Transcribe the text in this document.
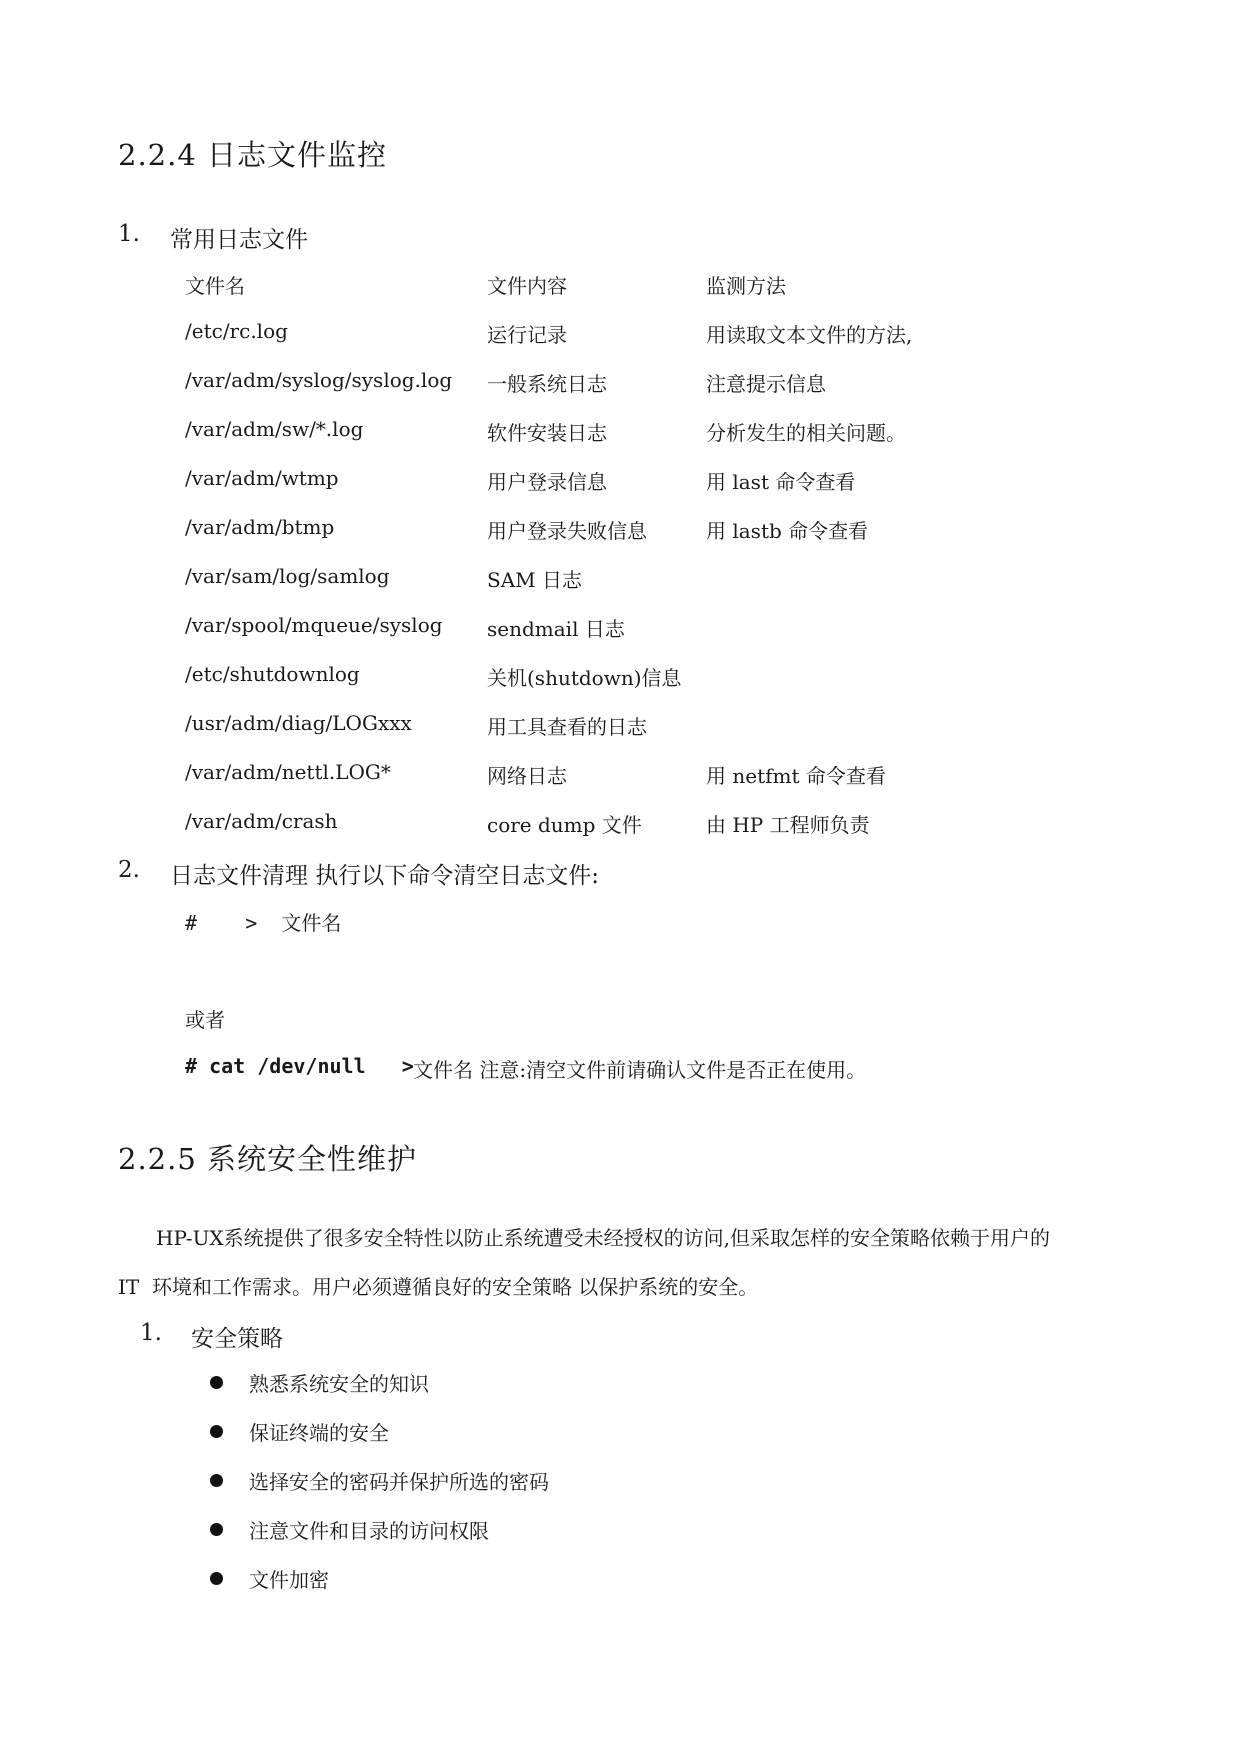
2.2.4 日志文件监控
1. 常用日志文件
文件名	文件内容	监测方法
/etc/rc.log	运行记录	用读取文本文件的方法,
/var/adm/syslog/syslog.log 一般系统日志	注意提示信息
/var/adm/sw/*.log	软件安装日志	分析发生的相关问题。
/var/adm/wtmp	用户登录信息	用 last 命令查看
/var/adm/btmp	用户登录失败信息	用 lastb 命令查看
/var/sam/log/samlog	SAM 日志
/var/spool/mqueue/syslog sendmail 日志
/etc/shutdownlog	关机(shutdown)信息
/usr/adm/diag/LOGxxx	用工具查看的日志
/var/adm/nettl.LOG*	网络日志	用 netfmt 命令查看
/var/adm/crash	core dump 文件	由 HP 工程师负责
2. 日志文件清理 执行以下命令清空日志文件:
#    >  文件名
或者
# cat /dev/null   > 文件名 注意:清空文件前请确认文件是否正在使用。
2.2.5 系统安全性维护
HP-UX系统提供了很多安全特性以防止系统遭受未经授权的访问,但采取怎样的安全策略依赖于用户的
IT  环境和工作需求。用户必须遵循良好的安全策略 以保护系统的安全。
1. 安全策略
熟悉系统安全的知识
保证终端的安全
选择安全的密码并保护所选的密码
注意文件和目录的访问权限
文件加密
